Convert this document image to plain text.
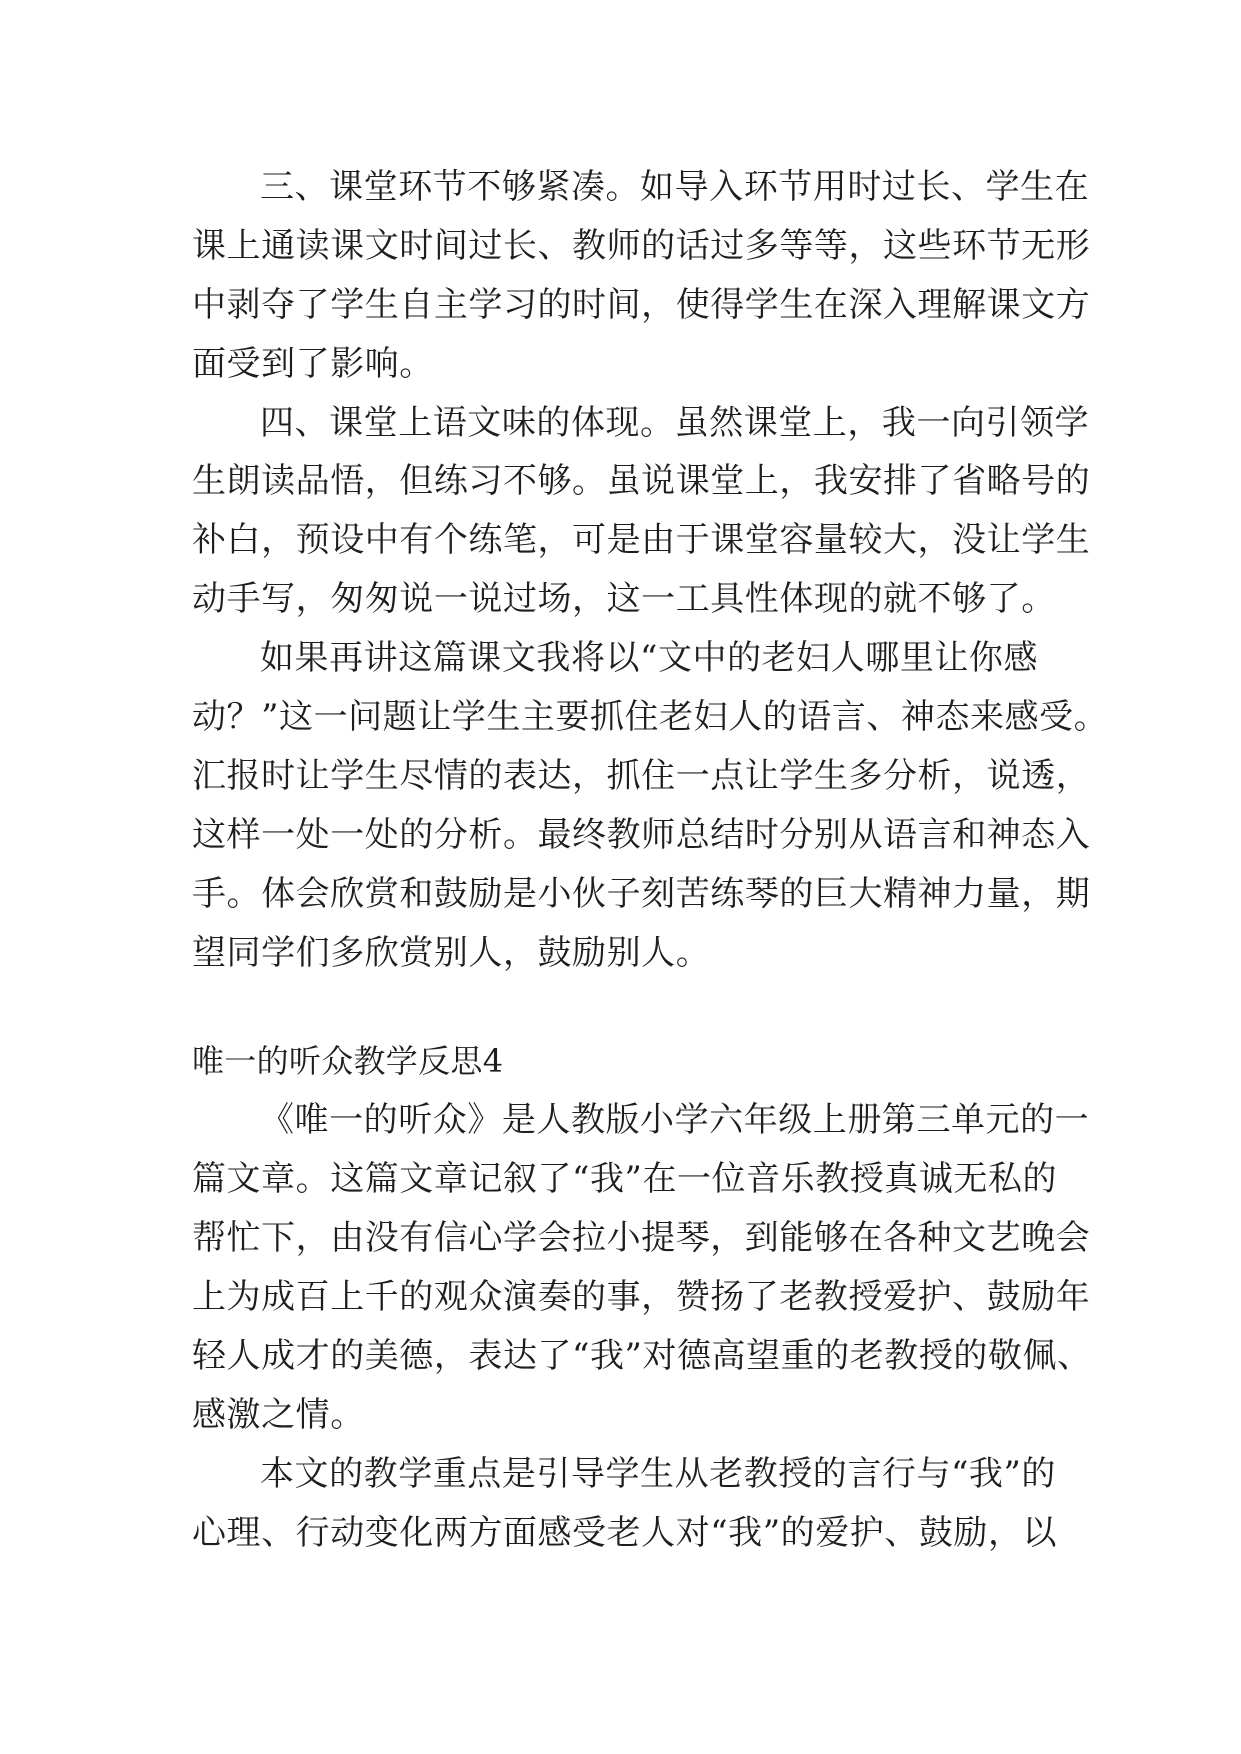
三、课堂环节不够紧凑。如导入环节用时过长、学生在
课上通读课文时间过长、教师的话过多等等，这些环节无形
中剥夺了学生自主学习的时间，使得学生在深入理解课文方
面受到了影响。
四、课堂上语文味的体现。虽然课堂上，我一向引领学
生朗读品悟，但练习不够。虽说课堂上，我安排了省略号的
补白，预设中有个练笔，可是由于课堂容量较大，没让学生
动手写，匆匆说一说过场，这一工具性体现的就不够了。
如果再讲这篇课文我将以“文中的老妇人哪里让你感
动？”这一问题让学生主要抓住老妇人的语言、神态来感受。
汇报时让学生尽情的表达，抓住一点让学生多分析，说透，
这样一处一处的分析。最终教师总结时分别从语言和神态入
手。体会欣赏和鼓励是小伙子刻苦练琴的巨大精神力量，期
望同学们多欣赏别人，鼓励别人。
唯一的听众教学反思4
《唯一的听众》是人教版小学六年级上册第三单元的一
篇文章。这篇文章记叙了“我”在一位音乐教授真诚无私的
帮忙下，由没有信心学会拉小提琴，到能够在各种文艺晚会
上为成百上千的观众演奏的事，赞扬了老教授爱护、鼓励年
轻人成才的美德，表达了“我”对德高望重的老教授的敬佩、
感激之情。
本文的教学重点是引导学生从老教授的言行与“我”的
心理、行动变化两方面感受老人对“我”的爱护、鼓励，以
